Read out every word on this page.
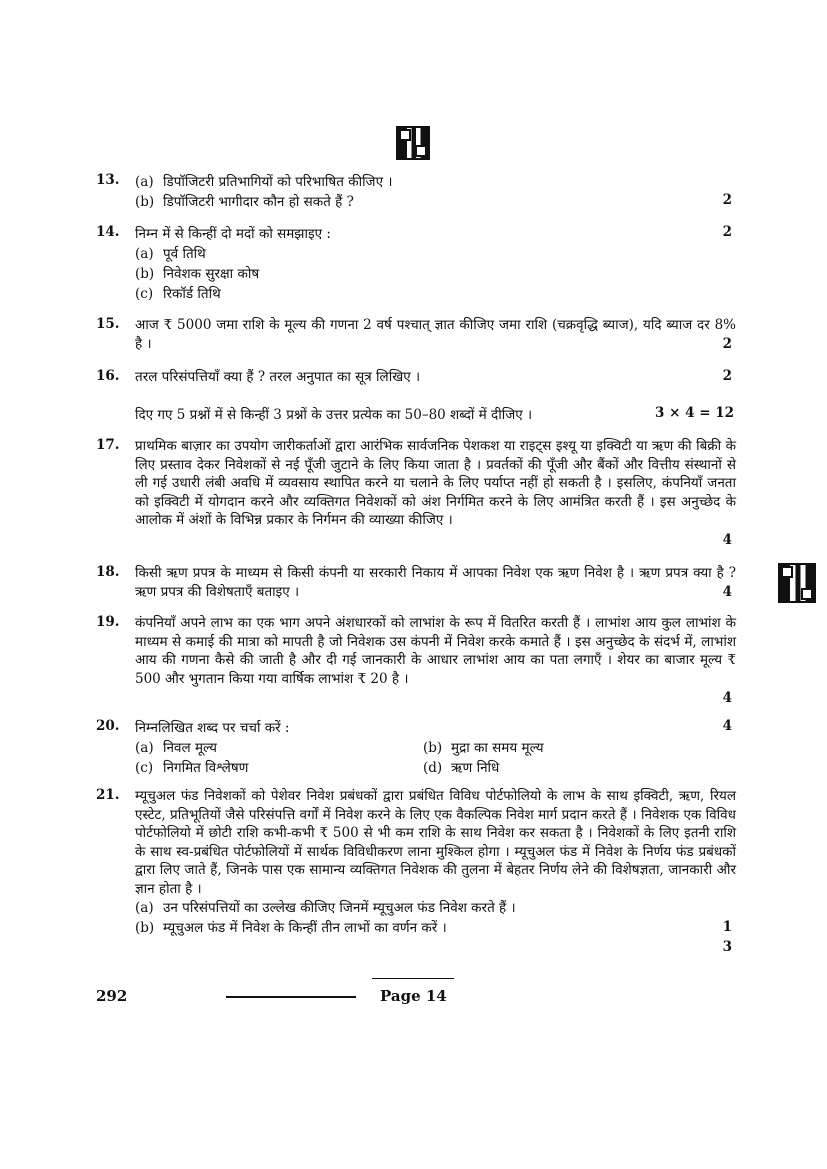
13. (a) डिपॉजिटरी प्रतिभागियों को परिभाषित कीजिए ।
(b) डिपॉजिटरी भागीदार कौन हो सकते हैं ?	2
14. निम्न में से किन्हीं दो मदों को समझाइए :
(a) पूर्व तिथि
(b) निवेशक सुरक्षा कोष
(c) रिकॉर्ड तिथि
2
15. आज ₹ 5000 जमा राशि के मूल्य की गणना 2 वर्ष पश्चात् ज्ञात कीजिए जमा राशि (चक्रवृद्धि ब्याज), यदि ब्याज दर 8% है ।	2
16. तरल परिसंपत्तियाँ क्या हैं ? तरल अनुपात का सूत्र लिखिए ।	2
दिए गए 5 प्रश्नों में से किन्हीं 3 प्रश्नों के उत्तर प्रत्येक का 50–80 शब्दों में दीजिए ।	3 × 4 = 12
17. प्राथमिक बाज़ार का उपयोग जारीकर्ताओं द्वारा आरंभिक सार्वजनिक पेशकश या राइट्स इश्यू या इक्विटी या ऋण की बिक्री के लिए प्रस्ताव देकर निवेशकों से नई पूँजी जुटाने के लिए किया जाता है । प्रवर्तकों की पूँजी और बैंकों और वित्तीय संस्थानों से ली गई उधारी लंबी अवधि में व्यवसाय स्थापित करने या चलाने के लिए पर्याप्त नहीं हो सकती है । इसलिए, कंपनियाँ जनता को इक्विटी में योगदान करने और व्यक्तिगत निवेशकों को अंश निर्गमित करने के लिए आमंत्रित करती हैं । इस अनुच्छेद के आलोक में अंशों के विभिन्न प्रकार के निर्गमन की व्याख्या कीजिए ।
4
18. किसी ऋण प्रपत्र के माध्यम से किसी कंपनी या सरकारी निकाय में आपका निवेश एक ऋण निवेश है । ऋण प्रपत्र क्या है ? ऋण प्रपत्र की विशेषताएँ बताइए ।	4
19. कंपनियाँ अपने लाभ का एक भाग अपने अंशधारकों को लाभांश के रूप में वितरित करती हैं । लाभांश आय कुल लाभांश के माध्यम से कमाई की मात्रा को मापती है जो निवेशक उस कंपनी में निवेश करके कमाते हैं । इस अनुच्छेद के संदर्भ में, लाभांश आय की गणना कैसे की जाती है और दी गई जानकारी के आधार लाभांश आय का पता लगाएँ । शेयर का बाजार मूल्य ₹ 500 और भुगतान किया गया वार्षिक लाभांश ₹ 20 है ।
4
20. निम्नलिखित शब्द पर चर्चा करें :
(a) निवल मूल्य	(b) मुद्रा का समय मूल्य
(c) निगमित विश्लेषण	(d) ऋण निधि
4
21. म्यूचुअल फंड निवेशकों को पेशेवर निवेश प्रबंधकों द्वारा प्रबंधित विविध पोर्टफोलियो के लाभ के साथ इक्विटी, ऋण, रियल एस्टेट, प्रतिभूतियों जैसे परिसंपत्ति वर्गों में निवेश करने के लिए एक वैकल्पिक निवेश मार्ग प्रदान करते हैं । निवेशक एक विविध पोर्टफोलियो में छोटी राशि कभी-कभी ₹ 500 से भी कम राशि के साथ निवेश कर सकता है । निवेशकों के लिए इतनी राशि के साथ स्व-प्रबंधित पोर्टफोलियों में सार्थक विविधीकरण लाना मुश्किल होगा । म्यूचुअल फंड में निवेश के निर्णय फंड प्रबंधकों द्वारा लिए जाते हैं, जिनके पास एक सामान्य व्यक्तिगत निवेशक की तुलना में बेहतर निर्णय लेने की विशेषज्ञता, जानकारी और ज्ञान होता है ।
(a) उन परिसंपत्तियों का उल्लेख कीजिए जिनमें म्यूचुअल फंड निवेश करते हैं ।
(b) म्यूचुअल फंड में निवेश के किन्हीं तीन लाभों का वर्णन करें ।	1
3
292	Page 14
